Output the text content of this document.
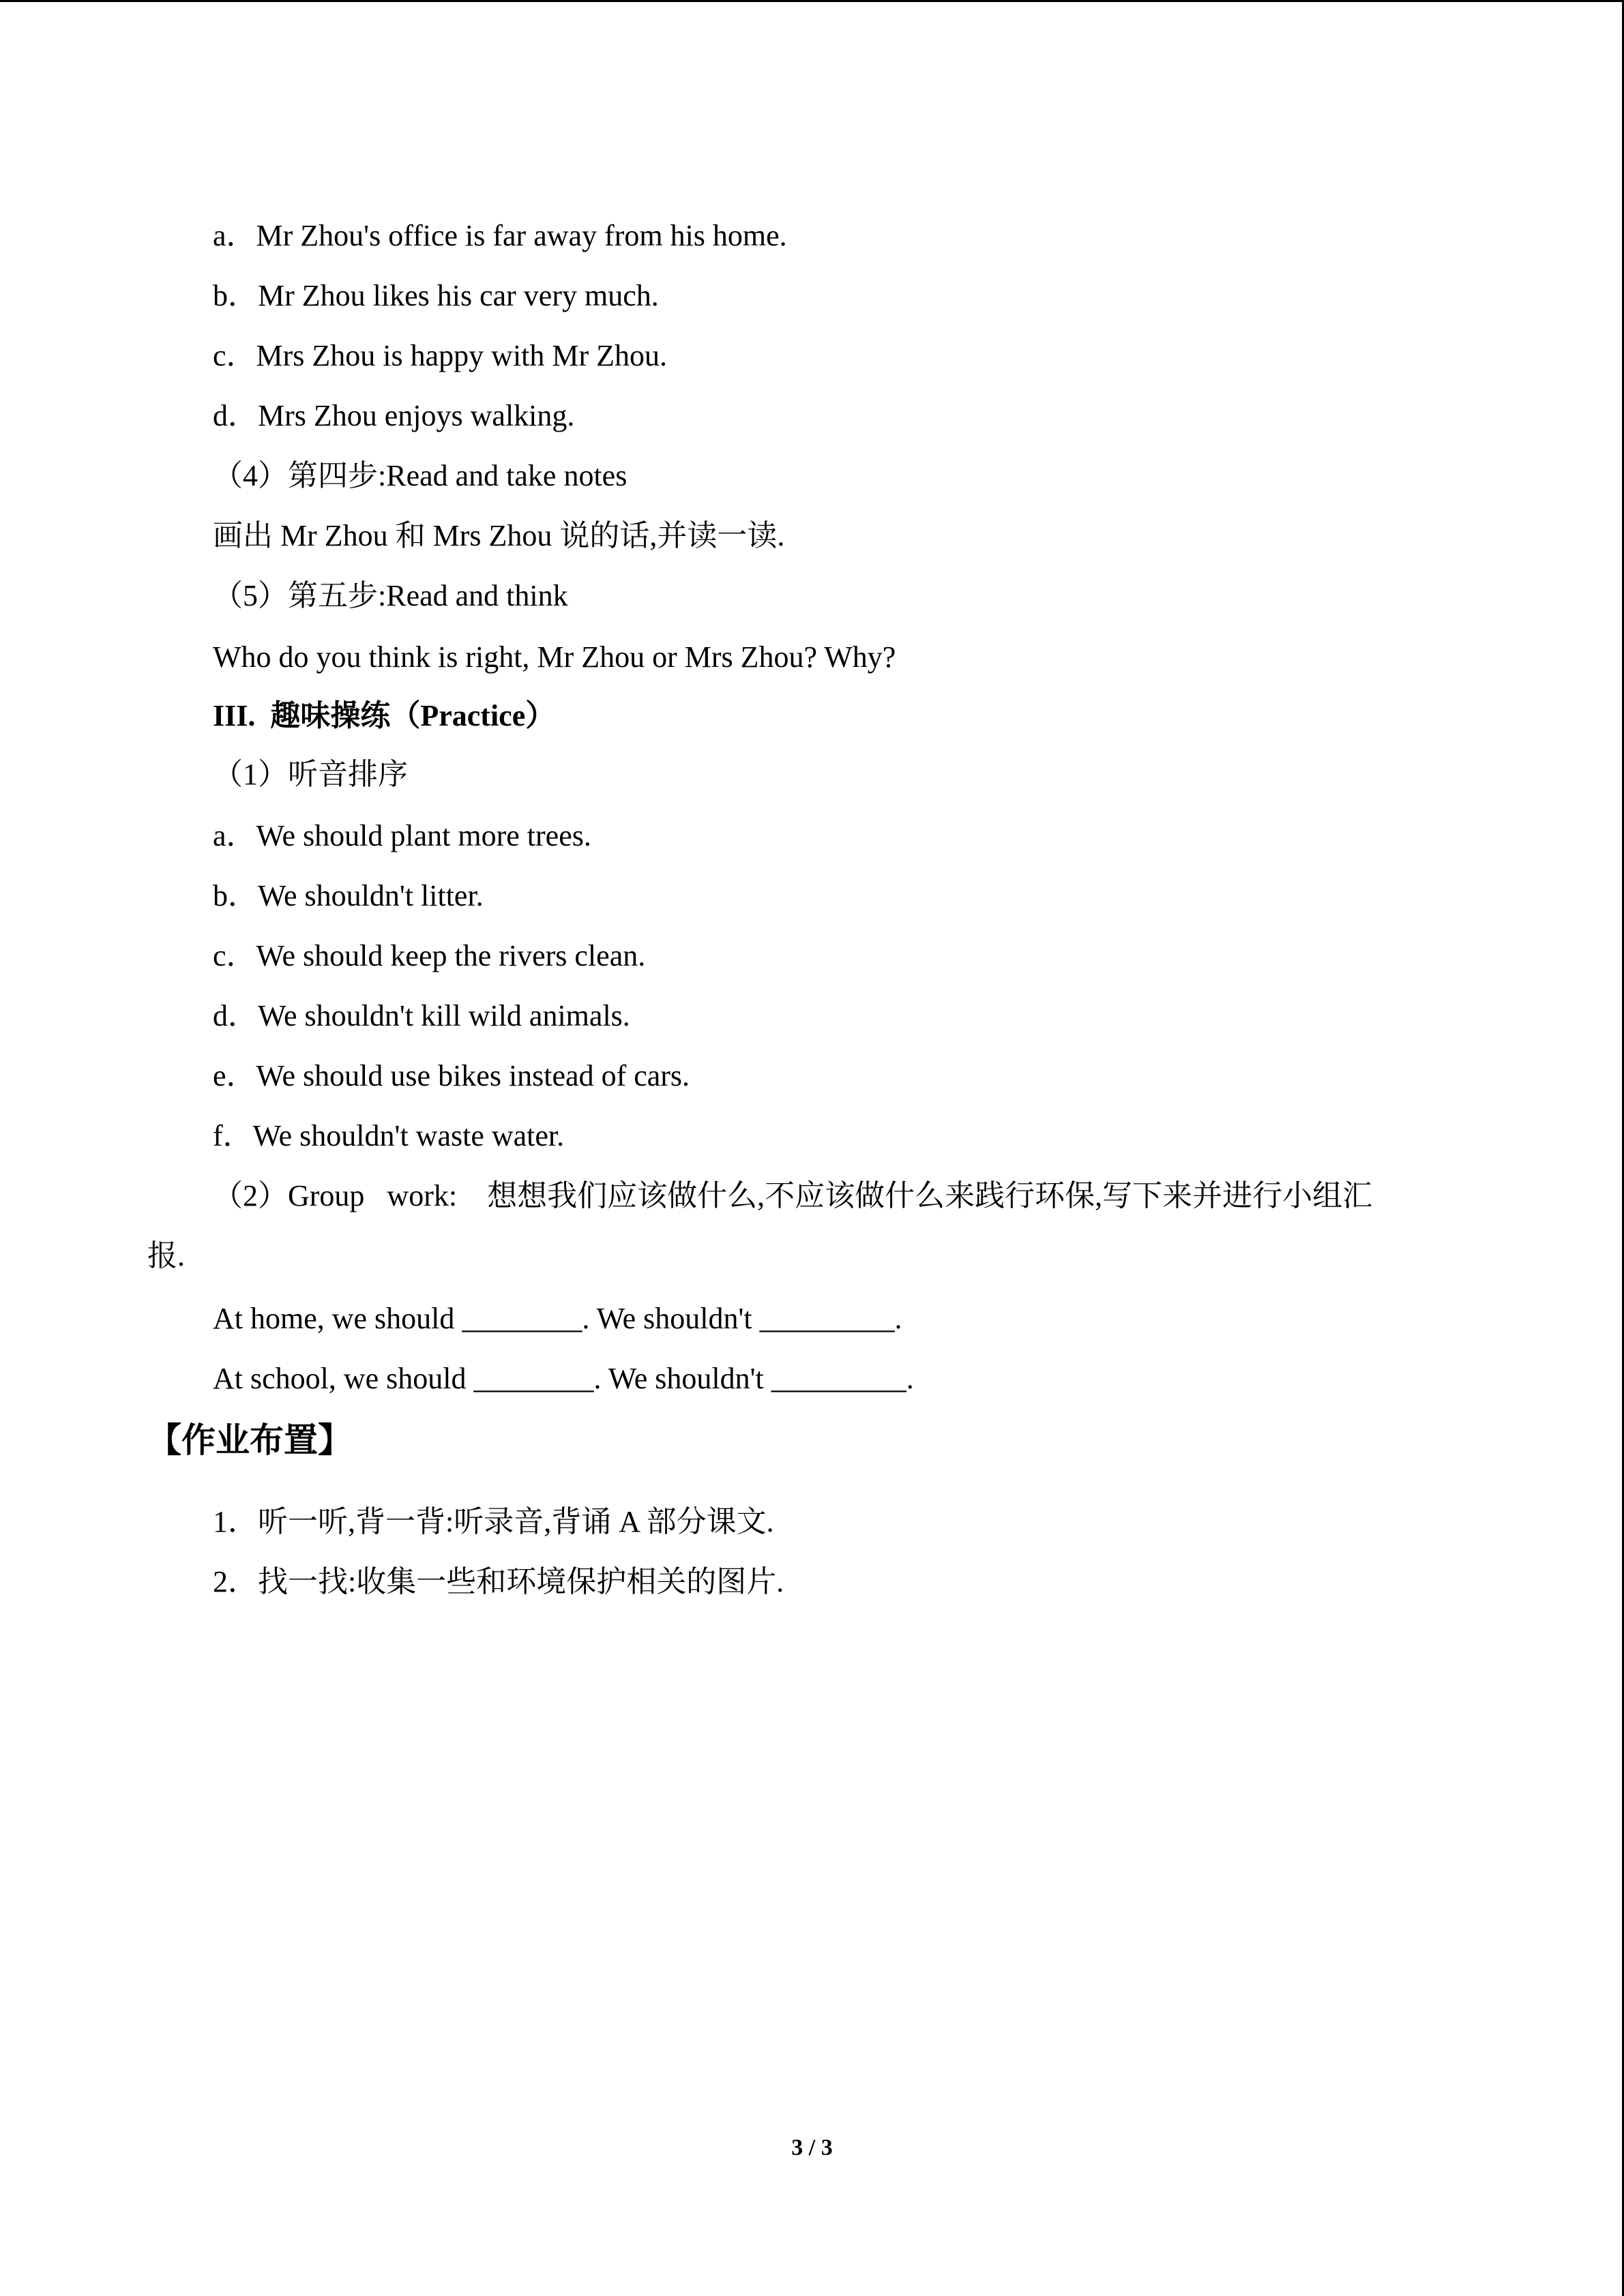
a．Mr Zhou's office is far away from his home.
b．Mr Zhou likes his car very much.
c．Mrs Zhou is happy with Mr Zhou.
d．Mrs Zhou enjoys walking.
（4）第四步:Read and take notes
画出 Mr Zhou 和 Mrs Zhou 说的话,并读一读.
（5）第五步:Read and think
Who do you think is right, Mr Zhou or Mrs Zhou? Why?
III.  趣味操练（Practice）
（1）听音排序
a．We should plant more trees.
b．We shouldn't litter.
c．We should keep the rivers clean.
d．We shouldn't kill wild animals.
e．We should use bikes instead of cars.
f．We shouldn't waste water.
（2）Group   work:    想想我们应该做什么,不应该做什么来践行环保,写下来并进行小组汇
报.
At home, we should ________. We shouldn't _________.
At school, we should ________. We shouldn't _________.
【作业布置】
1．听一听,背一背:听录音,背诵 A 部分课文.
2．找一找:收集一些和环境保护相关的图片.
3 / 3
